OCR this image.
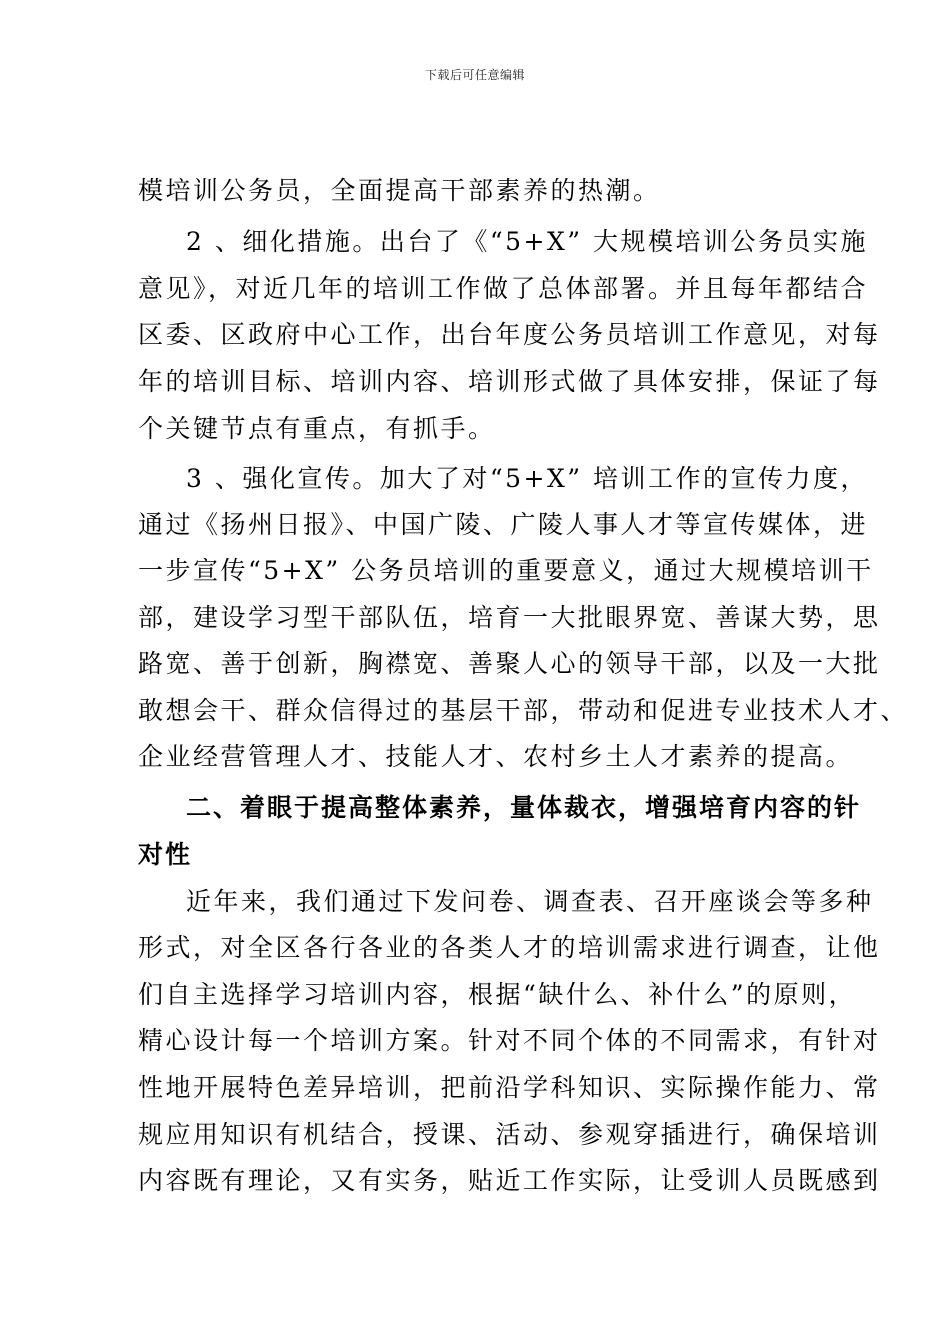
下载后可任意编辑
模培训公务员，全面提高干部素养的热潮。
2 、细化措施。出台了《“5+X” 大规模培训公务员实施
意见》，对近几年的培训工作做了总体部署。并且每年都结合
区委、区政府中心工作，出台年度公务员培训工作意见，对每
年的培训目标、培训内容、培训形式做了具体安排，保证了每
个关键节点有重点，有抓手。
3 、强化宣传。加大了对“5+X” 培训工作的宣传力度，
通过《扬州日报》、中国广陵、广陵人事人才等宣传媒体，进
一步宣传“5+X” 公务员培训的重要意义，通过大规模培训干
部，建设学习型干部队伍，培育一大批眼界宽、善谋大势，思
路宽、善于创新，胸襟宽、善聚人心的领导干部，以及一大批
敢想会干、群众信得过的基层干部，带动和促进专业技术人才、
企业经营管理人才、技能人才、农村乡土人才素养的提高。
二、着眼于提高整体素养，量体裁衣，增强培育内容的针
对性
近年来，我们通过下发问卷、调查表、召开座谈会等多种
形式，对全区各行各业的各类人才的培训需求进行调查，让他
们自主选择学习培训内容，根据“缺什么、补什么”的原则，
精心设计每一个培训方案。针对不同个体的不同需求，有针对
性地开展特色差异培训，把前沿学科知识、实际操作能力、常
规应用知识有机结合，授课、活动、参观穿插进行，确保培训
内容既有理论，又有实务，贴近工作实际，让受训人员既感到
